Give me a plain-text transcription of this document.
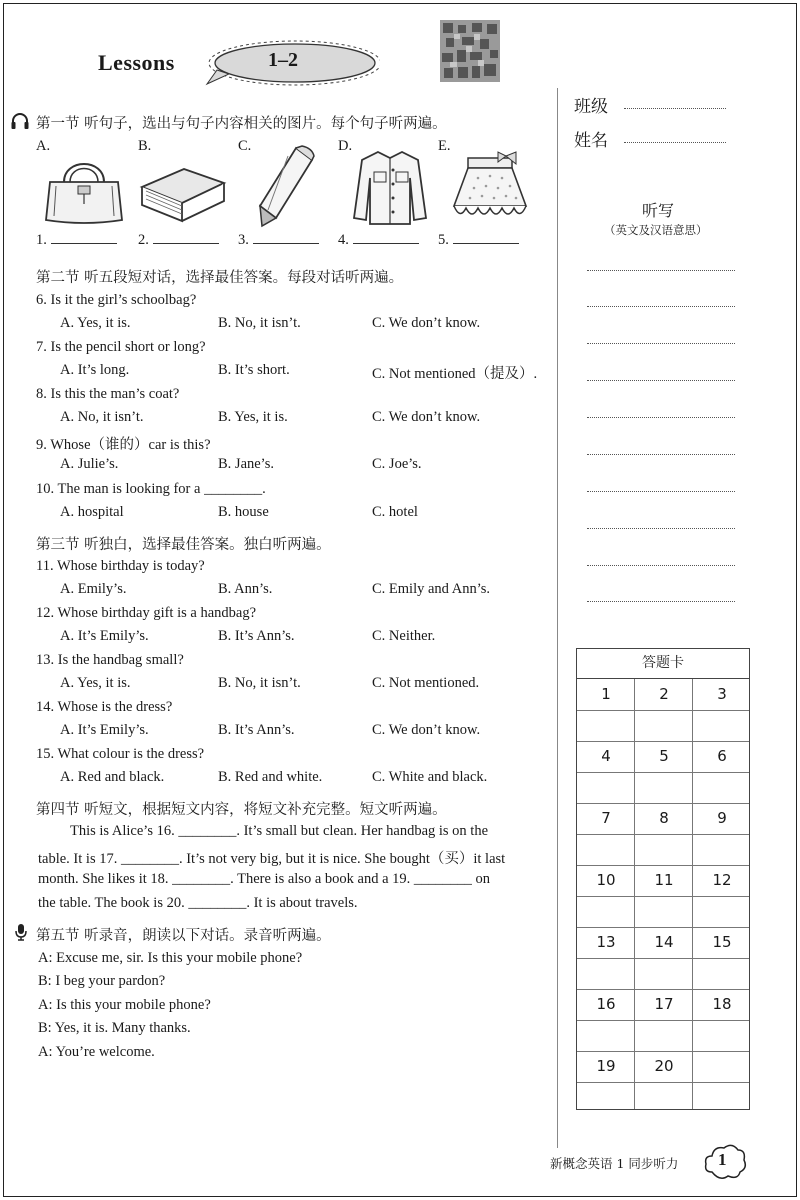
Lessons	1–2
班级
姓名
听写
（英文及汉语意思）
答题卡
1	2	3
4	5	6
7	8	9
10	11	12
13	14	15
16	17	18
19	20
第一节 听句子，选出与句子内容相关的图片。每个句子听两遍。
A.	B.	C.	D.	E.
1.	2.	3.	4.	5.
第二节 听五段短对话，选择最佳答案。每段对话听两遍。
6. Is it the girl’s schoolbag?
A. Yes, it is.	B. No, it isn’t.	C. We don’t know.
7. Is the pencil short or long?
A. It’s long.	B. It’s short.	C. Not mentioned（提及）.
8. Is this the man’s coat?
A. No, it isn’t.	B. Yes, it is.	C. We don’t know.
9. Whose（谁的）car is this?
A. Julie’s.	B. Jane’s.	C. Joe’s.
10. The man is looking for a ________.
A. hospital	B. house	C. hotel
第三节 听独白，选择最佳答案。独白听两遍。
11. Whose birthday is today?
A. Emily’s.	B. Ann’s.	C. Emily and Ann’s.
12. Whose birthday gift is a handbag?
A. It’s Emily’s.	B. It’s Ann’s.	C. Neither.
13. Is the handbag small?
A. Yes, it is.	B. No, it isn’t.	C. Not mentioned.
14. Whose is the dress?
A. It’s Emily’s.	B. It’s Ann’s.	C. We don’t know.
15. What colour is the dress?
A. Red and black.	B. Red and white.	C. White and black.
第四节 听短文，根据短文内容，将短文补充完整。短文听两遍。
This is Alice’s 16. ________. It’s small but clean. Her handbag is on the
table. It is 17. ________. It’s not very big, but it is nice. She bought（买）it last
month. She likes it 18. ________. There is also a book and a 19. ________ on
the table. The book is 20. ________. It is about travels.
第五节 听录音，朗读以下对话。录音听两遍。
A: Excuse me, sir. Is this your mobile phone?
B: I beg your pardon?
A: Is this your mobile phone?
B: Yes, it is. Many thanks.
A: You’re welcome.
新概念英语 1 同步听力 1
